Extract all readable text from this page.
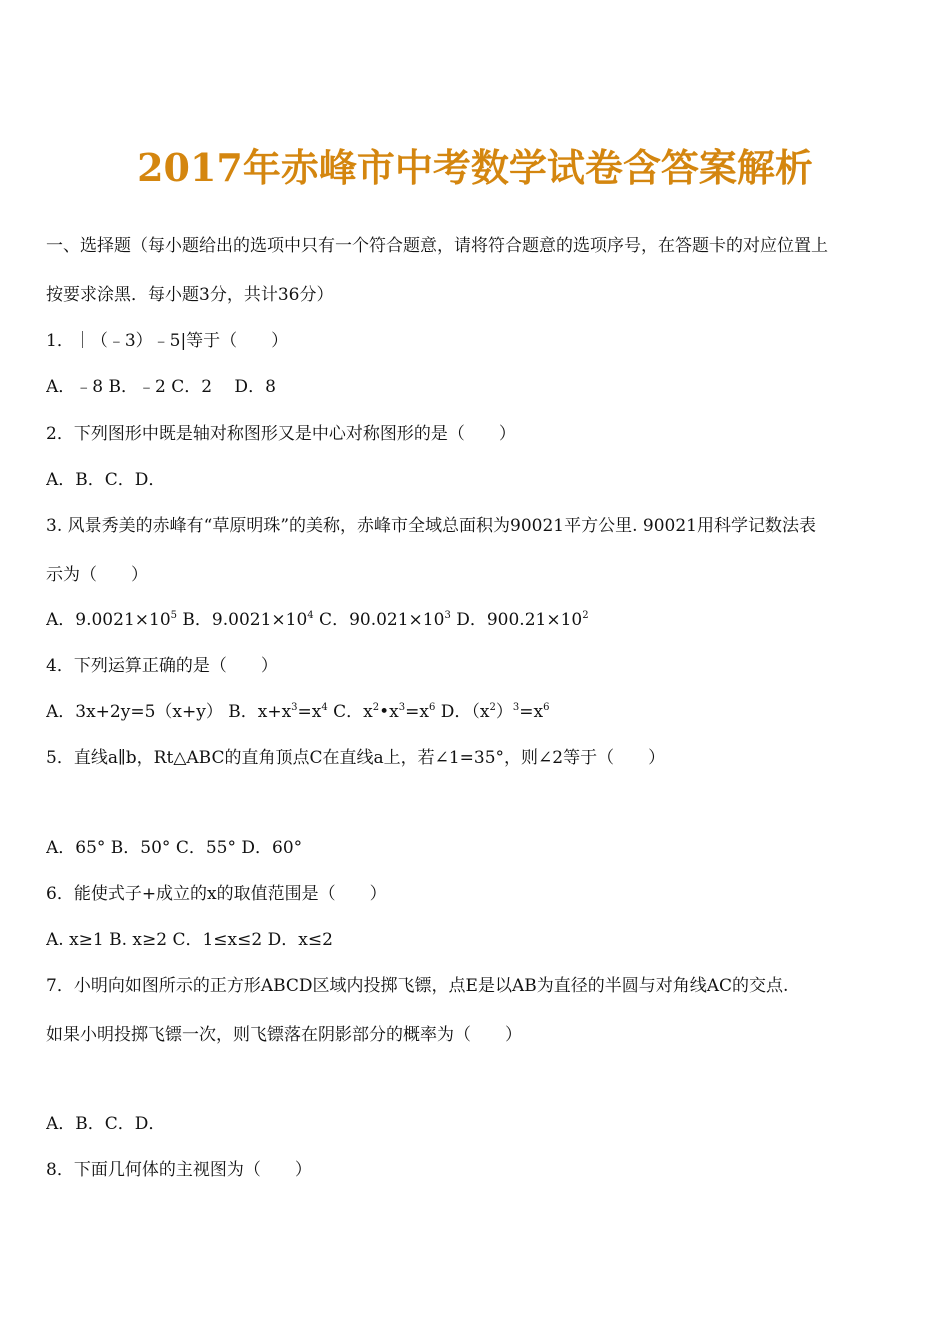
2017年赤峰市中考数学试卷含答案解析
一、选择题（每小题给出的选项中只有一个符合题意，请将符合题意的选项序号，在答题卡的对应位置上
按要求涂黑．每小题3分，共计36分）
1．｜（﹣3）﹣5|等于（　　）
A．﹣8 B．﹣2 C．2　 D．8
2．下列图形中既是轴对称图形又是中心对称图形的是（　　）
A．B．C．D．
3. 风景秀美的赤峰有“草原明珠”的美称，赤峰市全域总面积为90021平方公里. 90021用科学记数法表
示为（　　）
A．$9.0021\times 10^5$ B．$9.0021\times 10^4$ C．$90.021\times 10^3$ D．$900.21\times 10^2$
4．下列运算正确的是（　　）
A．3x+2y=5（x+y） B．$x+x^3=x^4$ C．$x^2•x^3=x^6$ D．$(x^2)^3=x^6$
5．直线a∥b，Rt△ABC的直角顶点C在直线a上，若∠1=35°，则∠2等于（　　）
A．65° B．50° C．55° D．60°
6．能使式子+成立的x的取值范围是（　　）
A. x≥1 B. x≥2 C．1≤x≤2 D．x≤2
7．小明向如图所示的正方形ABCD区域内投掷飞镖，点E是以AB为直径的半圆与对角线AC的交点.
如果小明投掷飞镖一次，则飞镖落在阴影部分的概率为（　　）
A．B．C．D．
8．下面几何体的主视图为（　　）
